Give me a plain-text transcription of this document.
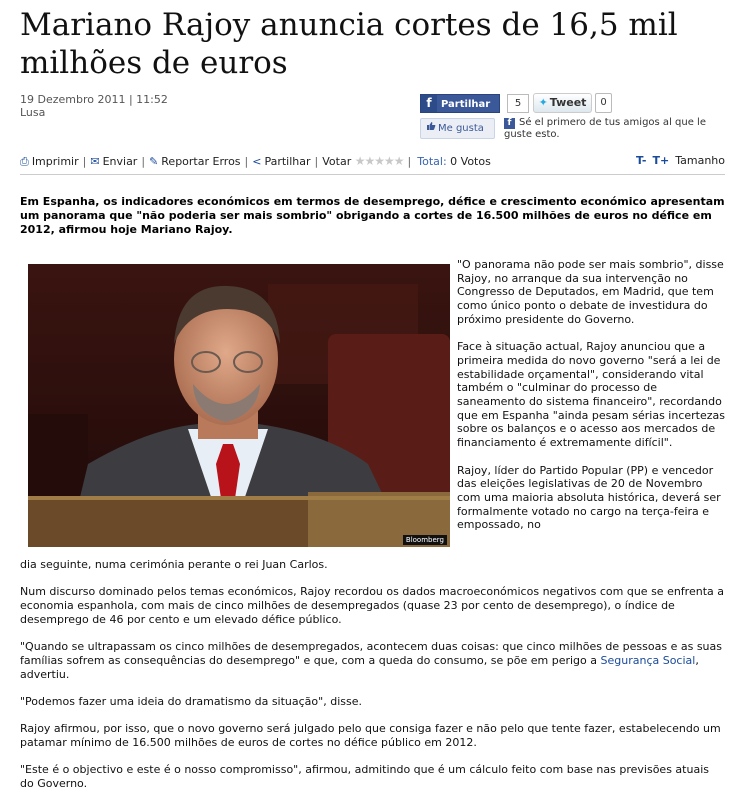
Mariano Rajoy anuncia cortes de 16,5 mil milhões de euros
19 Dezembro 2011 | 11:52
Lusa
f Partilhar	5	✦ Tweet	0
Me gusta	f Sé el primero de tus amigos al que le guste esto.
⎙ Imprimir | ✉ Enviar | ✎ Reportar Erros | < Partilhar | Votar ★★★★★ | Total: 0 Votos	T- T+ Tamanho

Em Espanha, os indicadores económicos em termos de desemprego, défice e crescimento económico apresentam um panorama que "não poderia ser mais sombrio" obrigando a cortes de 16.500 milhões de euros no défice em 2012, afirmou hoje Mariano Rajoy.

Bloomberg

"O panorama não pode ser mais sombrio", disse Rajoy, no arranque da sua intervenção no Congresso de Deputados, em Madrid, que tem como único ponto o debate de investidura do próximo presidente do Governo.

Face à situação actual, Rajoy anunciou que a primeira medida do novo governo "será a lei de estabilidade orçamental", considerando vital também o "culminar do processo de saneamento do sistema financeiro", recordando que em Espanha "ainda pesam sérias incertezas sobre os balanços e o acesso aos mercados de financiamento é extremamente difícil".

Rajoy, líder do Partido Popular (PP) e vencedor das eleições legislativas de 20 de Novembro com uma maioria absoluta histórica, deverá ser formalmente votado no cargo na terça-feira e empossado, no

dia seguinte, numa cerimónia perante o rei Juan Carlos.

Num discurso dominado pelos temas económicos, Rajoy recordou os dados macroeconómicos negativos com que se enfrenta a economia espanhola, com mais de cinco milhões de desempregados (quase 23 por cento de desemprego), o índice de desemprego de 46 por cento e um elevado défice público.

"Quando se ultrapassam os cinco milhões de desempregados, acontecem duas coisas: que cinco milhões de pessoas e as suas famílias sofrem as consequências do desemprego" e que, com a queda do consumo, se põe em perigo a Segurança Social, advertiu.

"Podemos fazer uma ideia do dramatismo da situação", disse.

Rajoy afirmou, por isso, que o novo governo será julgado pelo que consiga fazer e não pelo que tente fazer, estabelecendo um patamar mínimo de 16.500 milhões de euros de cortes no défice público em 2012.

"Este é o objectivo e este é o nosso compromisso", afirmou, admitindo que é um cálculo feito com base nas previsões atuais do Governo.
